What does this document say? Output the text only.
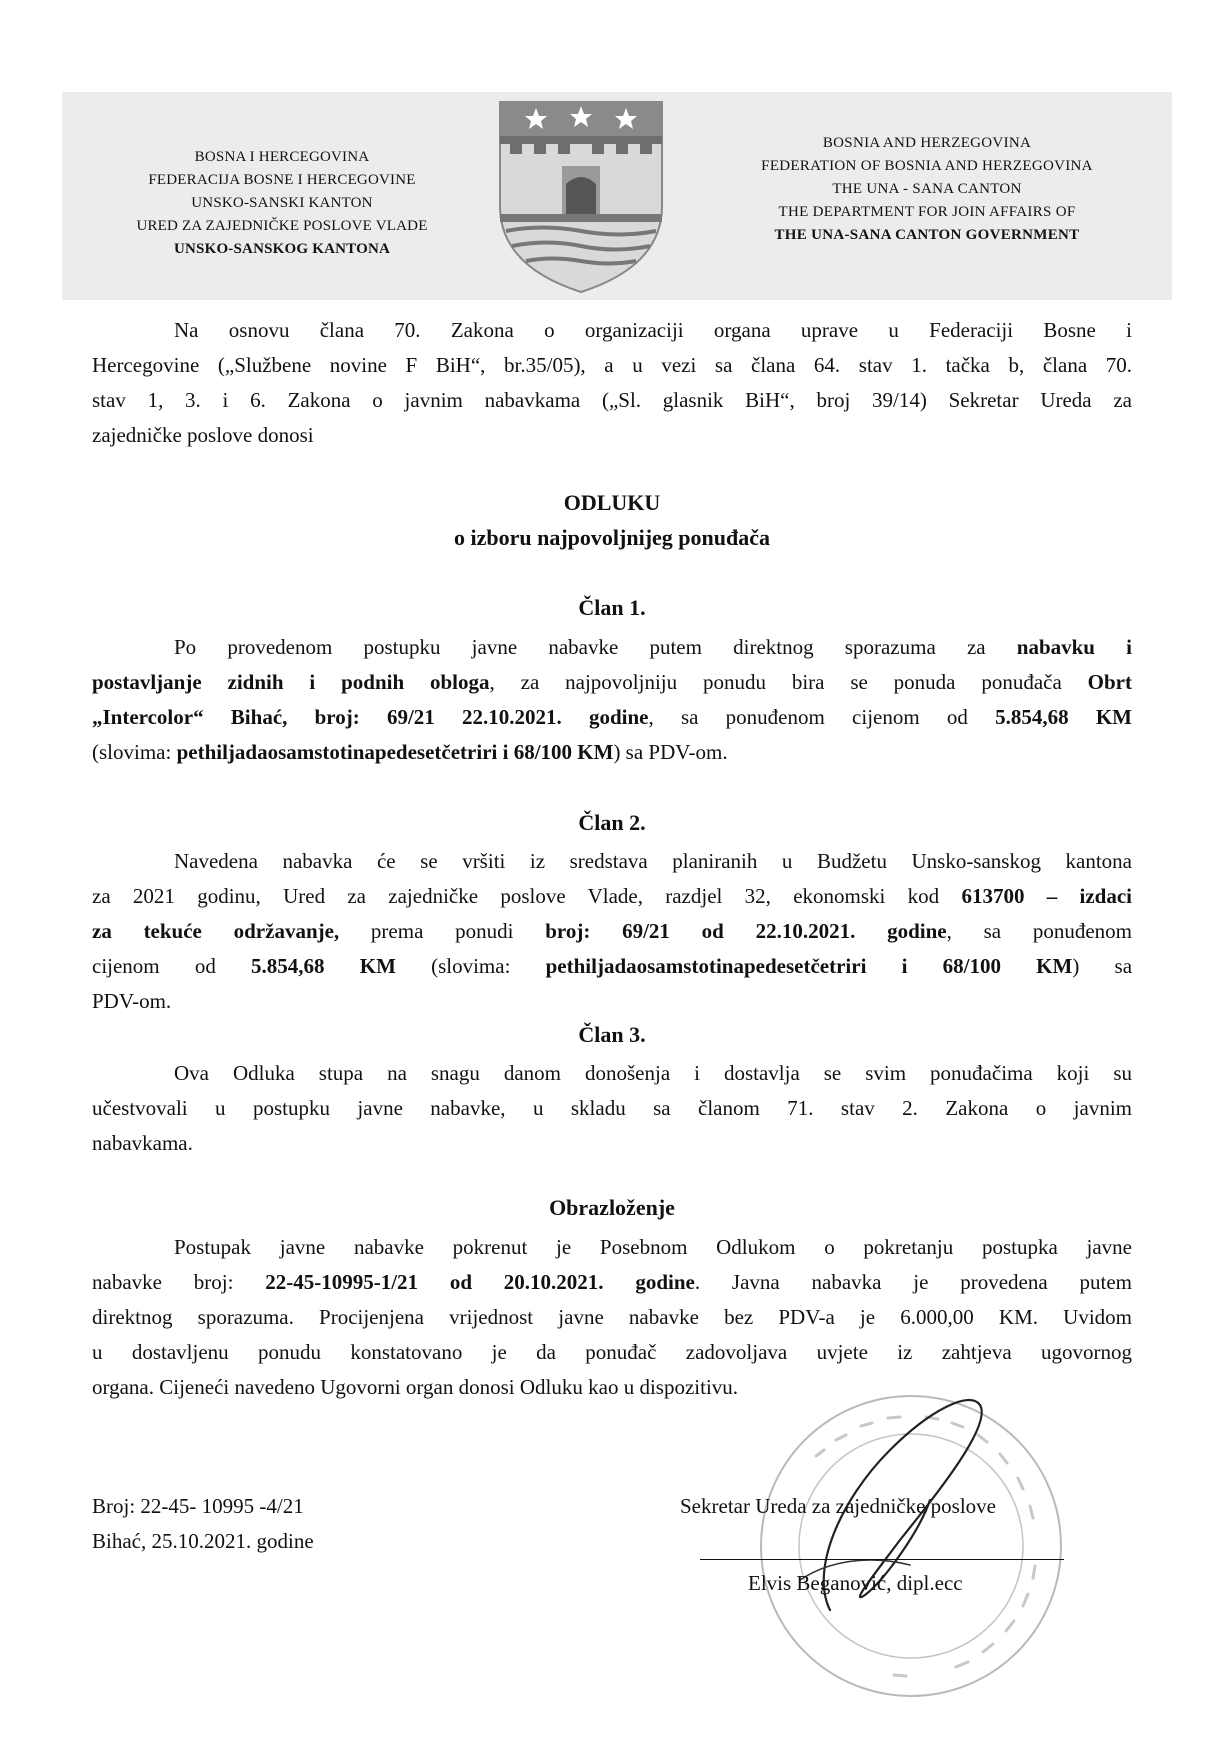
BOSNA I HERCEGOVINA
FEDERACIJA BOSNE I HERCEGOVINE
UNSKO-SANSKI KANTON
URED ZA ZAJEDNIČKE POSLOVE VLADE
UNSKO-SANSKOG KANTONA
BOSNIA AND HERZEGOVINA
FEDERATION OF BOSNIA AND HERZEGOVINA
THE UNA - SANA CANTON
THE DEPARTMENT FOR JOIN AFFAIRS OF
THE UNA-SANA CANTON GOVERNMENT

Na osnovu člana 70. Zakona o organizaciji organa uprave u Federaciji Bosne i

Hercegovine („Službene novine F BiH“, br.35/05), a u vezi sa člana 64. stav 1. tačka b, člana 70.

stav 1, 3. i 6. Zakona o javnim nabavkama („Sl. glasnik BiH“, broj 39/14) Sekretar Ureda za

zajedničke poslove donosi

ODLUKU
o izboru najpovoljnijeg ponuđača
Član 1.

Po provedenom postupku javne nabavke putem direktnog sporazuma za nabavku i

postavljanje zidnih i podnih obloga, za najpovoljniju ponudu bira se ponuda ponuđača Obrt

„Intercolor“ Bihać, broj: 69/21 22.10.2021. godine, sa ponuđenom cijenom od 5.854,68 KM

(slovima: pethiljadaosamstotinapedesetčetriri i 68/100 KM) sa PDV-om.

Član 2.

Navedena nabavka će se vršiti iz sredstava planiranih u Budžetu Unsko-sanskog kantona

za 2021 godinu, Ured za zajedničke poslove Vlade, razdjel 32, ekonomski kod 613700 – izdaci

za tekuće održavanje, prema ponudi broj: 69/21 od 22.10.2021. godine, sa ponuđenom

cijenom od 5.854,68 KM (slovima: pethiljadaosamstotinapedesetčetriri i 68/100 KM) sa

PDV-om.

Član 3.

Ova Odluka stupa na snagu danom donošenja i dostavlja se svim ponuđačima koji su

učestvovali u postupku javne nabavke, u skladu sa članom 71. stav 2. Zakona o javnim

nabavkama.

Obrazloženje

Postupak javne nabavke pokrenut je Posebnom Odlukom o pokretanju postupka javne

nabavke broj: 22-45-10995-1/21 od 20.10.2021. godine. Javna nabavka je provedena putem

direktnog sporazuma. Procijenjena vrijednost javne nabavke bez PDV-a je 6.000,00 KM. Uvidom

u dostavljenu ponudu konstatovano je da ponuđač zadovoljava uvjete iz zahtjeva ugovornog

organa. Cijeneći navedeno Ugovorni organ donosi Odluku kao u dispozitivu.

Broj: 22-45- 10995 -4/21
Bihać, 25.10.2021. godine
Sekretar Ureda za zajedničke poslove
Elvis Beganović, dipl.ecc
